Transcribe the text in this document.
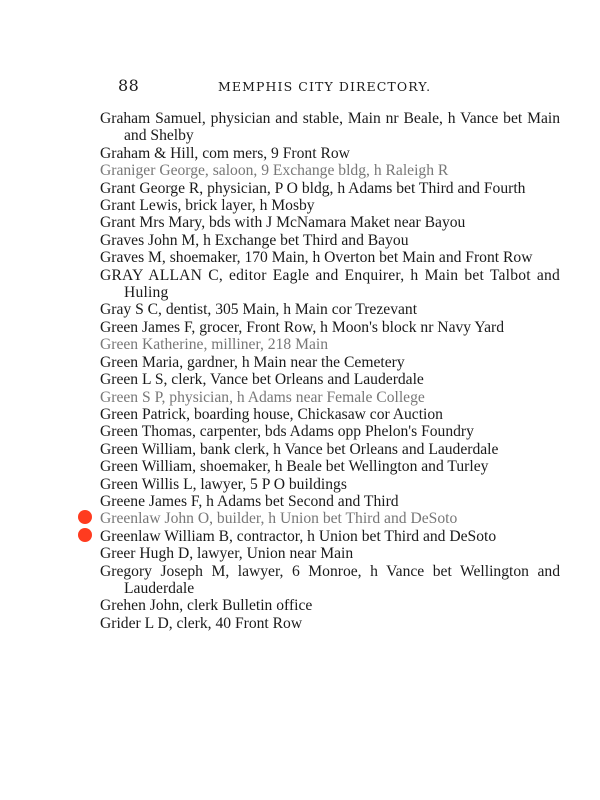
88	MEMPHIS CITY DIRECTORY.
Graham Samuel, physician and stable, Main nr Beale, h Vance bet Main and Shelby
Graham & Hill, com mers, 9 Front Row
Graniger George, saloon, 9 Exchange bldg, h Raleigh R
Grant George R, physician, P O bldg, h Adams bet Third and Fourth
Grant Lewis, brick layer, h Mosby
Grant Mrs Mary, bds with J McNamara Maket near Bayou
Graves John M, h Exchange bet Third and Bayou
Graves M, shoemaker, 170 Main, h Overton bet Main and Front Row
GRAY ALLAN C, editor Eagle and Enquirer, h Main bet Talbot and Huling
Gray S C, dentist, 305 Main, h Main cor Trezevant
Green James F, grocer, Front Row, h Moon's block nr Navy Yard
Green Katherine, milliner, 218 Main
Green Maria, gardner, h Main near the Cemetery
Green L S, clerk, Vance bet Orleans and Lauderdale
Green S P, physician, h Adams near Female College
Green Patrick, boarding house, Chickasaw cor Auction
Green Thomas, carpenter, bds Adams opp Phelon's Foundry
Green William, bank clerk, h Vance bet Orleans and Lauderdale
Green William, shoemaker, h Beale bet Wellington and Turley
Green Willis L, lawyer, 5 P O buildings
Greene James F, h Adams bet Second and Third
Greenlaw John O, builder, h Union bet Third and DeSoto
Greenlaw William B, contractor, h Union bet Third and DeSoto
Greer Hugh D, lawyer, Union near Main
Gregory Joseph M, lawyer, 6 Monroe, h Vance bet Wellington and Lauderdale
Grehen John, clerk Bulletin office
Grider L D, clerk, 40 Front Row
